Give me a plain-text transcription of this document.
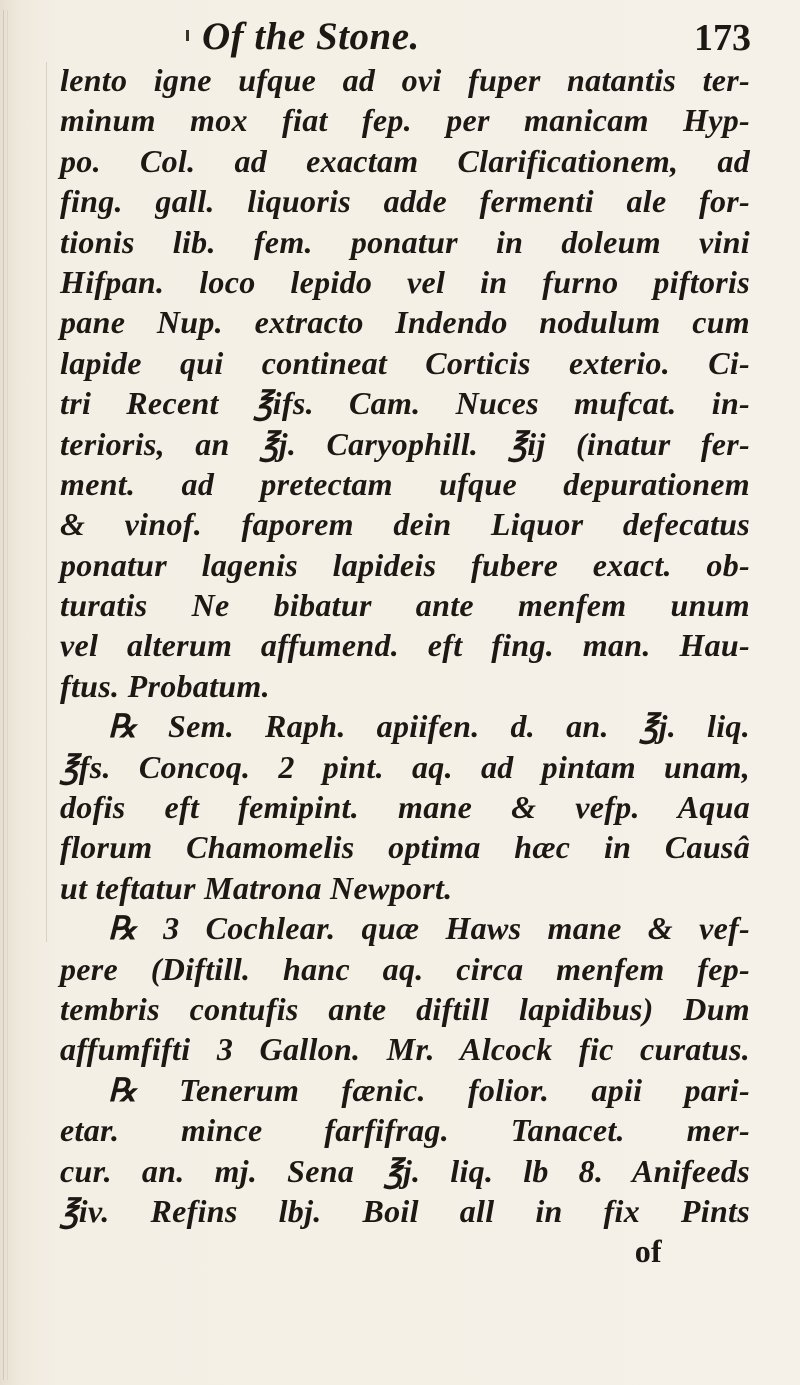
Of the Stone.	173
lento igne ufque ad ovi fuper natantis ter-
minum mox fiat fep. per manicam Hyp-
po. Col. ad exactam Clarificationem, ad
fing. gall. liquoris adde fermenti ale for-
tionis lib. fem. ponatur in doleum vini
Hifpan. loco lepido vel in furno piftoris
pane Nup. extracto Indendo nodulum cum
lapide qui contineat Corticis exterio. Ci-
tri Recent ℥ifs. Cam. Nuces mufcat. in-
terioris, an ℥j. Caryophill. ℥ij (inatur fer-
ment. ad pretectam ufque depurationem
& vinof. faporem dein Liquor defecatus
ponatur lagenis lapideis fubere exact. ob-
turatis Ne bibatur ante menfem unum
vel alterum affumend. eft fing. man. Hau-
ftus. Probatum.
℞ Sem. Raph. apiifen. d. an. ℥j. liq.
℥fs. Concoq. 2 pint. aq. ad pintam unam,
dofis eft femipint. mane & vefp. Aqua
florum Chamomelis optima hæc in Causâ
ut teftatur Matrona Newport.
℞ 3 Cochlear. quæ Haws mane & vef-
pere (Diftill. hanc aq. circa menfem fep-
tembris contufis ante diftill lapidibus) Dum
affumfifti 3 Gallon. Mr. Alcock fic curatus.
℞ Tenerum fænic. folior. apii pari-
etar. mince farfifrag. Tanacet. mer-
cur. an. mj. Sena ℥j. liq. lb 8. Anifeeds
℥iv. Refins lbj. Boil all in fix Pints
of
